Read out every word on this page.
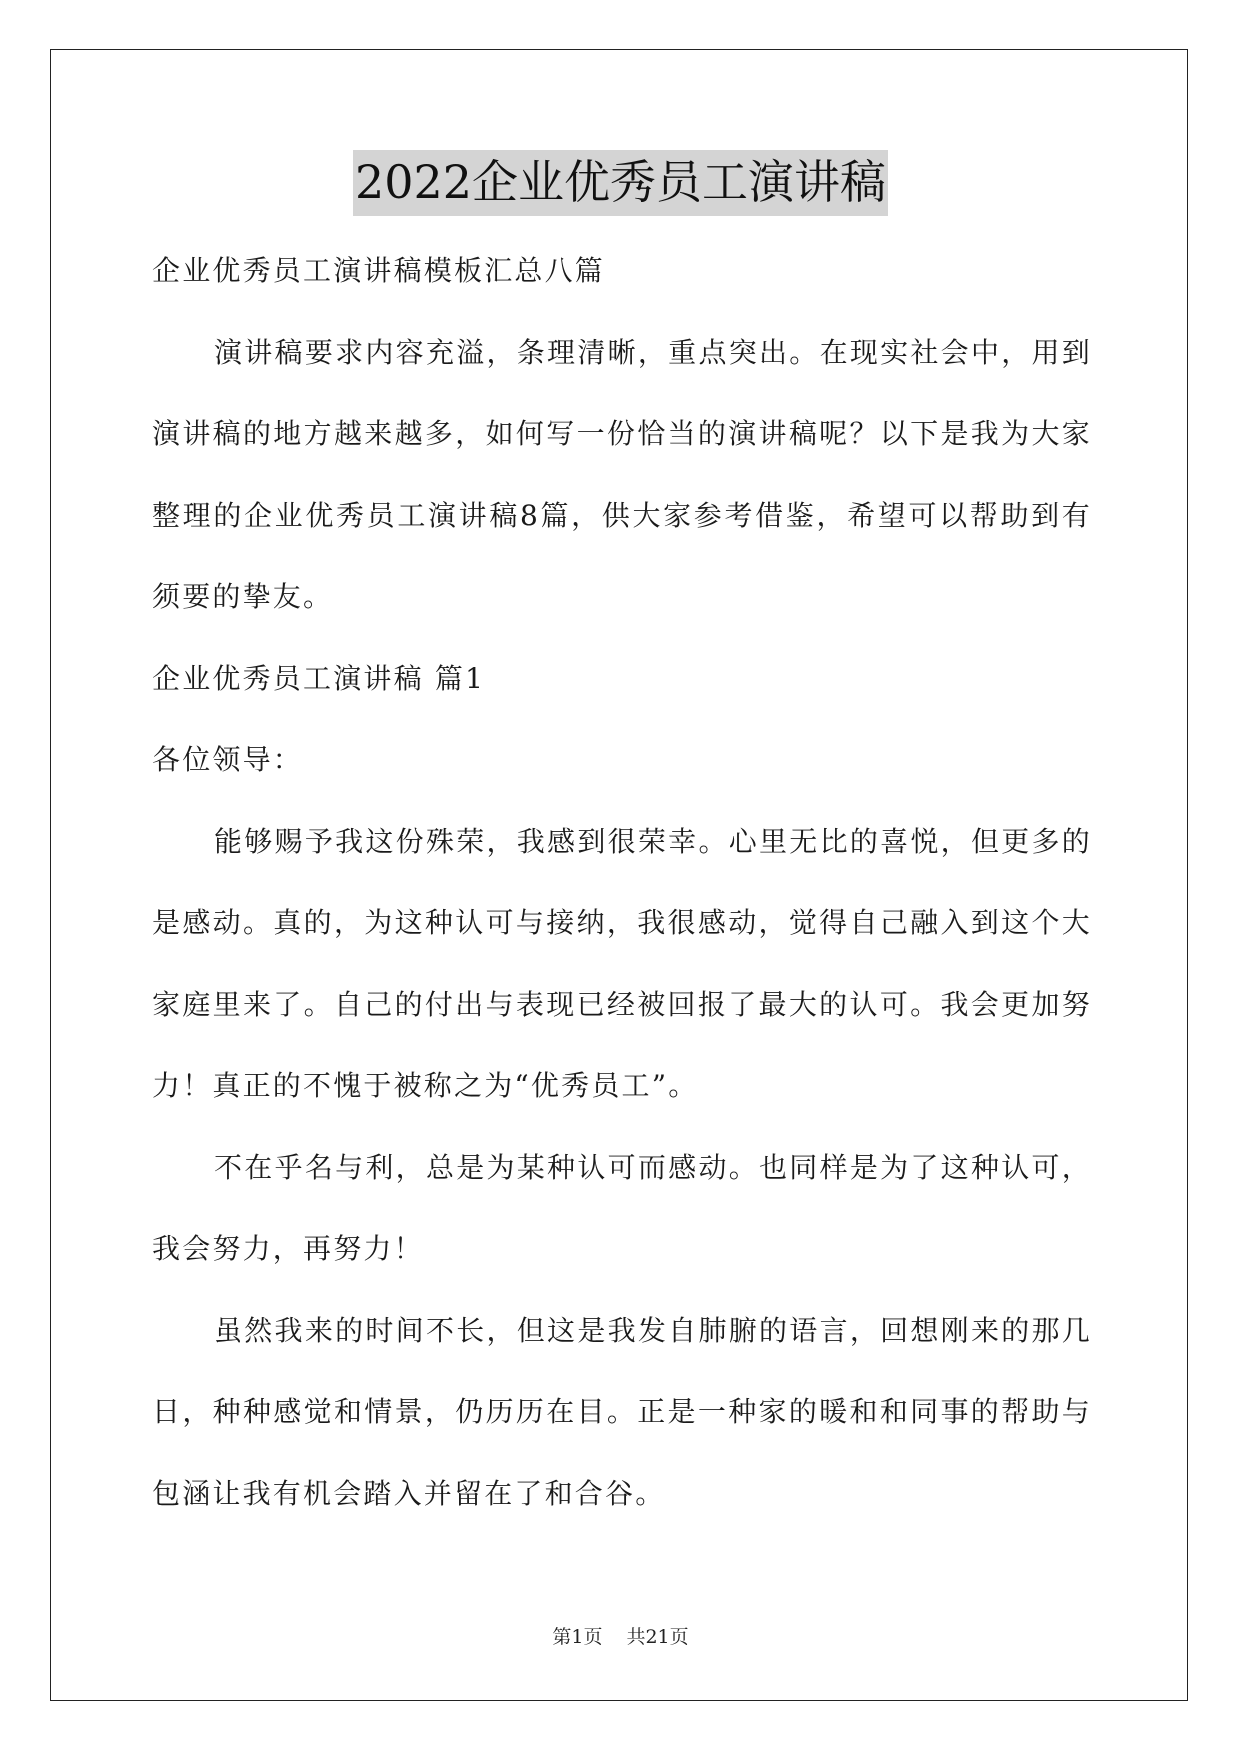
2022企业优秀员工演讲稿

企业优秀员工演讲稿模板汇总八篇

演讲稿要求内容充溢，条理清晰，重点突出。在现实社会中，用到演讲稿的地方越来越多，如何写一份恰当的演讲稿呢？以下是我为大家整理的企业优秀员工演讲稿8篇，供大家参考借鉴，希望可以帮助到有须要的挚友。

企业优秀员工演讲稿 篇1

各位领导：

能够赐予我这份殊荣，我感到很荣幸。心里无比的喜悦，但更多的是感动。真的，为这种认可与接纳，我很感动，觉得自己融入到这个大家庭里来了。自己的付出与表现已经被回报了最大的认可。我会更加努力！真正的不愧于被称之为“优秀员工”。

不在乎名与利，总是为某种认可而感动。也同样是为了这种认可，我会努力，再努力！

虽然我来的时间不长，但这是我发自肺腑的语言，回想刚来的那几日，种种感觉和情景，仍历历在目。正是一种家的暖和和同事的帮助与包涵让我有机会踏入并留在了和合谷。

第1页 共21页
